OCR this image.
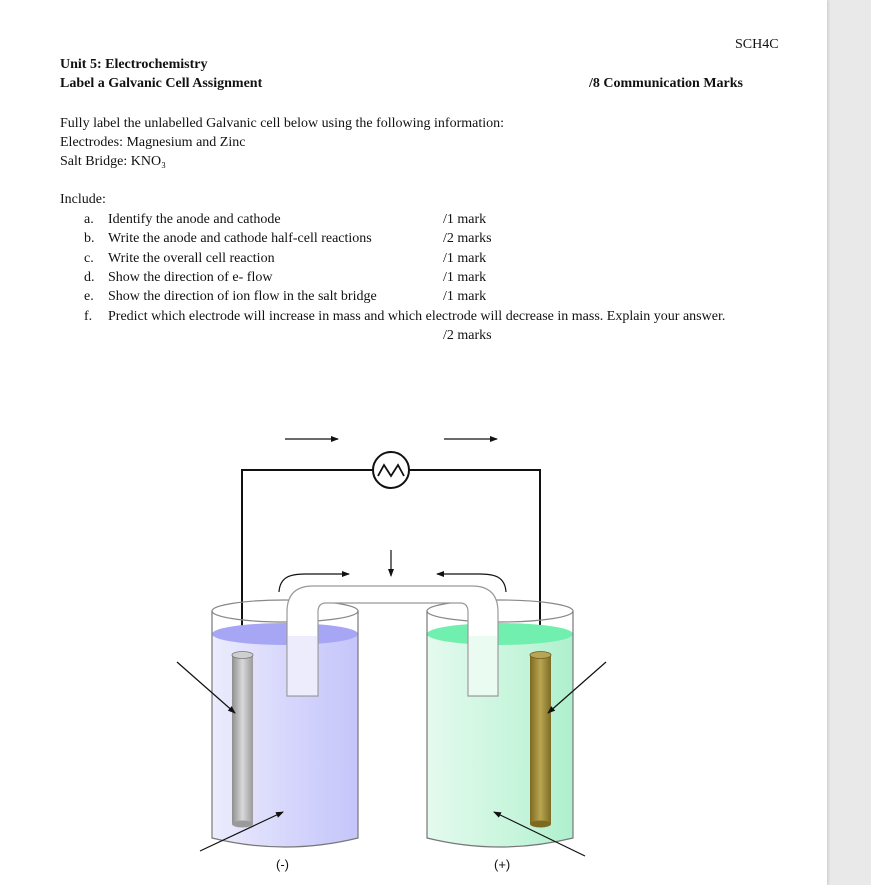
SCH4C
Unit 5: Electrochemistry
Label a Galvanic Cell Assignment	/8 Communication Marks
Fully label the unlabelled Galvanic cell below using the following information:
Electrodes: Magnesium and Zinc
Salt Bridge: KNO₃
Include:
a.	Identify the anode and cathode	/1 mark
b. Write the anode and cathode half-cell reactions	/2 marks
c.	Write the overall cell reaction	/1 mark
d. Show the direction of e- flow	/1 mark
e.	Show the direction of ion flow in the salt bridge	/1 mark
f.	Predict which electrode will increase in mass and which electrode will decrease in mass. Explain your answer.
/2 marks
(-)	(+)
